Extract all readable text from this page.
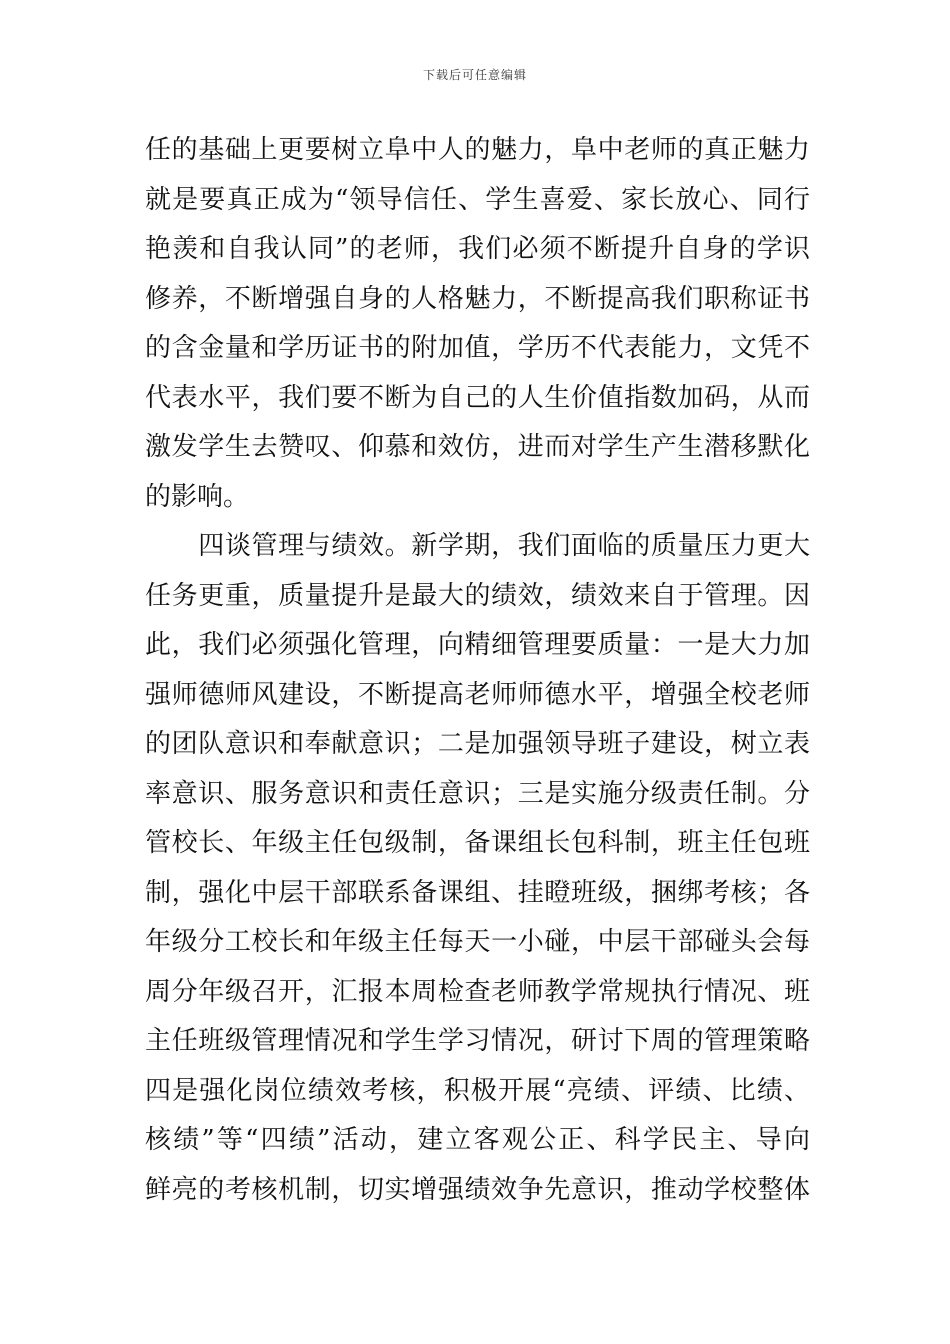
下载后可任意编辑
任的基础上更要树立阜中人的魅力，阜中老师的真正魅力
就是要真正成为“领导信任、学生喜爱、家长放心、同行
艳羡和自我认同”的老师，我们必须不断提升自身的学识
修养，不断增强自身的人格魅力，不断提高我们职称证书
的含金量和学历证书的附加值，学历不代表能力，文凭不
代表水平，我们要不断为自己的人生价值指数加码，从而
激发学生去赞叹、仰慕和效仿，进而对学生产生潜移默化
的影响。
　　四谈管理与绩效。新学期，我们面临的质量压力更大
任务更重，质量提升是最大的绩效，绩效来自于管理。因
此，我们必须强化管理，向精细管理要质量：一是大力加
强师德师风建设，不断提高老师师德水平，增强全校老师
的团队意识和奉献意识；二是加强领导班子建设，树立表
率意识、服务意识和责任意识；三是实施分级责任制。分
管校长、年级主任包级制，备课组长包科制，班主任包班
制，强化中层干部联系备课组、挂瞪班级，捆绑考核；各
年级分工校长和年级主任每天一小碰，中层干部碰头会每
周分年级召开，汇报本周检查老师教学常规执行情况、班
主任班级管理情况和学生学习情况，研讨下周的管理策略
四是强化岗位绩效考核，积极开展“亮绩、评绩、比绩、
核绩”等“四绩”活动，建立客观公正、科学民主、导向
鲜亮的考核机制，切实增强绩效争先意识，推动学校整体
